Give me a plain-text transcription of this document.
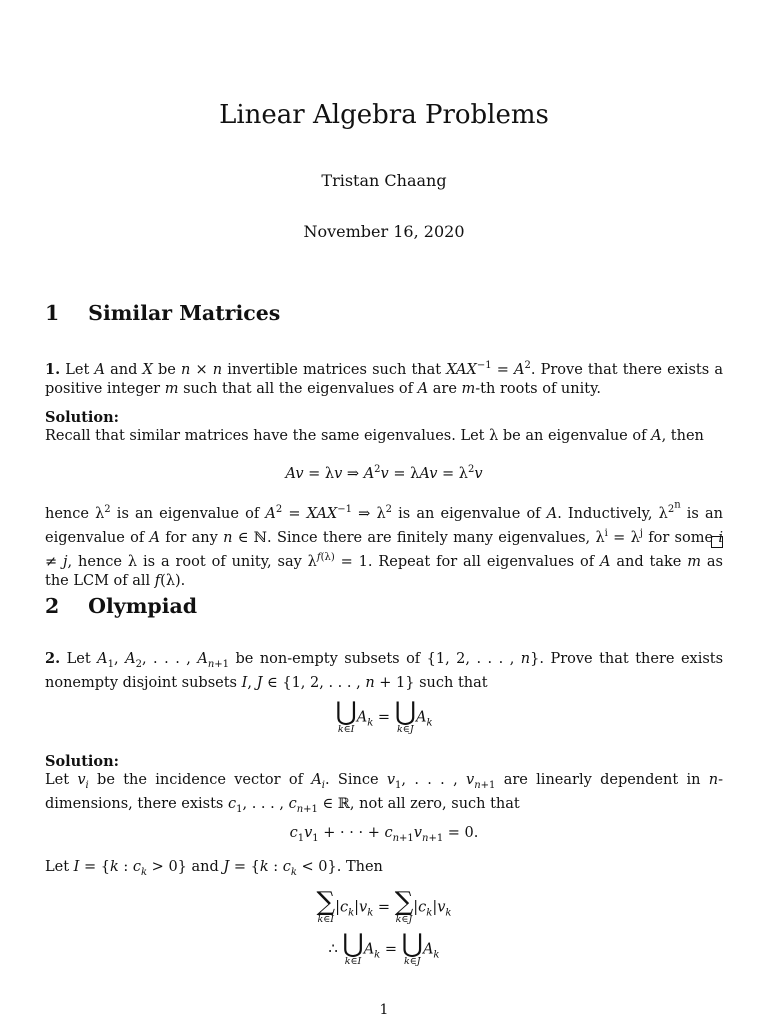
Linear Algebra Problems
Tristan Chaang
November 16, 2020
1 Similar Matrices
1. Let A and X be n × n invertible matrices such that $XAX^{-1} = A^2$. Prove that there exists a positive integer m such that all the eigenvalues of A are m-th roots of unity.
Solution:
Recall that similar matrices have the same eigenvalues. Let λ be an eigenvalue of A, then
Av = λv ⇒ $A^2v = \lambda Av = \lambda^2v$
hence $\lambda^2$ is an eigenvalue of $A^2 = XAX^{-1}$ ⇒ $\lambda^2$ is an eigenvalue of A. Inductively, $\lambda^{2^n}$ is an eigenvalue of A for any n ∈ ℕ. Since there are finitely many eigenvalues, $\lambda^i = \lambda^j$ for some i ≠ j, hence λ is a root of unity, say $\lambda^{f(\lambda)} = 1$. Repeat for all eigenvalues of A and take m as the LCM of all f(λ).
2 Olympiad
2. Let $A_1$, $A_2$, . . . , $A_{n+1}$ be non-empty subsets of {1, 2, . . . , n}. Prove that there exists nonempty disjoint subsets I, J ∈ {1, 2, . . . , n + 1} such that
⋃
k∈I
$A_k$ = ⋃
k∈J
$A_k$
Solution:
Let $v_i$ be the incidence vector of $A_i$. Since $v_1$, . . . , $v_{n+1}$ are linearly dependent in n-dimensions, there exists $c_1$, . . . , $c_{n+1}$ ∈ ℝ, not all zero, such that
$c_1v_1$ + · · · + $c_{n+1}v_{n+1} = 0$.
Let I = {k : $c_k > 0$} and J = {k : $c_k < 0$}. Then
∑
k∈I
$|c_k|v_k$ = ∑
k∈J
$|c_k|v_k$
∴ ⋃
k∈I
$A_k$ = ⋃
k∈J
$A_k$
1
